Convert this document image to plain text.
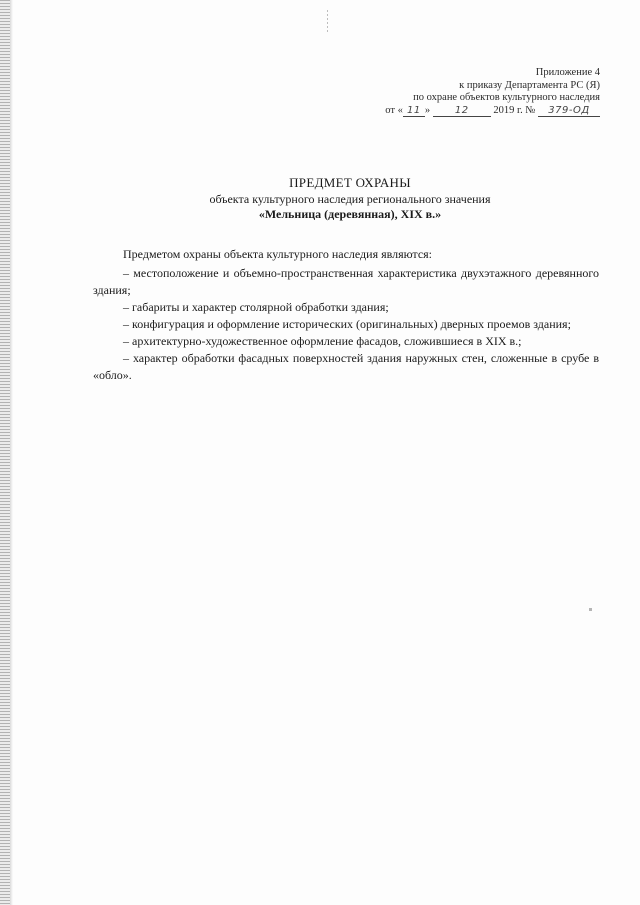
Приложение 4
к приказу Департамента РС (Я)
по охране объектов культурного наследия
от « 11 » 12 2019 г. № 379-ОД
ПРЕДМЕТ ОХРАНЫ
объекта культурного наследия регионального значения
«Мельница (деревянная), XIX в.»

Предметом охраны объекта культурного наследия являются:

– местоположение и объемно-пространственная характеристика двухэтажного деревянного здания;

– габариты и характер столярной обработки здания;

– конфигурация и оформление исторических (оригинальных) дверных проемов здания;

– архитектурно-художественное оформление фасадов, сложившиеся в XIX в.;

– характер обработки фасадных поверхностей здания наружных стен, сложенные в срубе в «обло».
